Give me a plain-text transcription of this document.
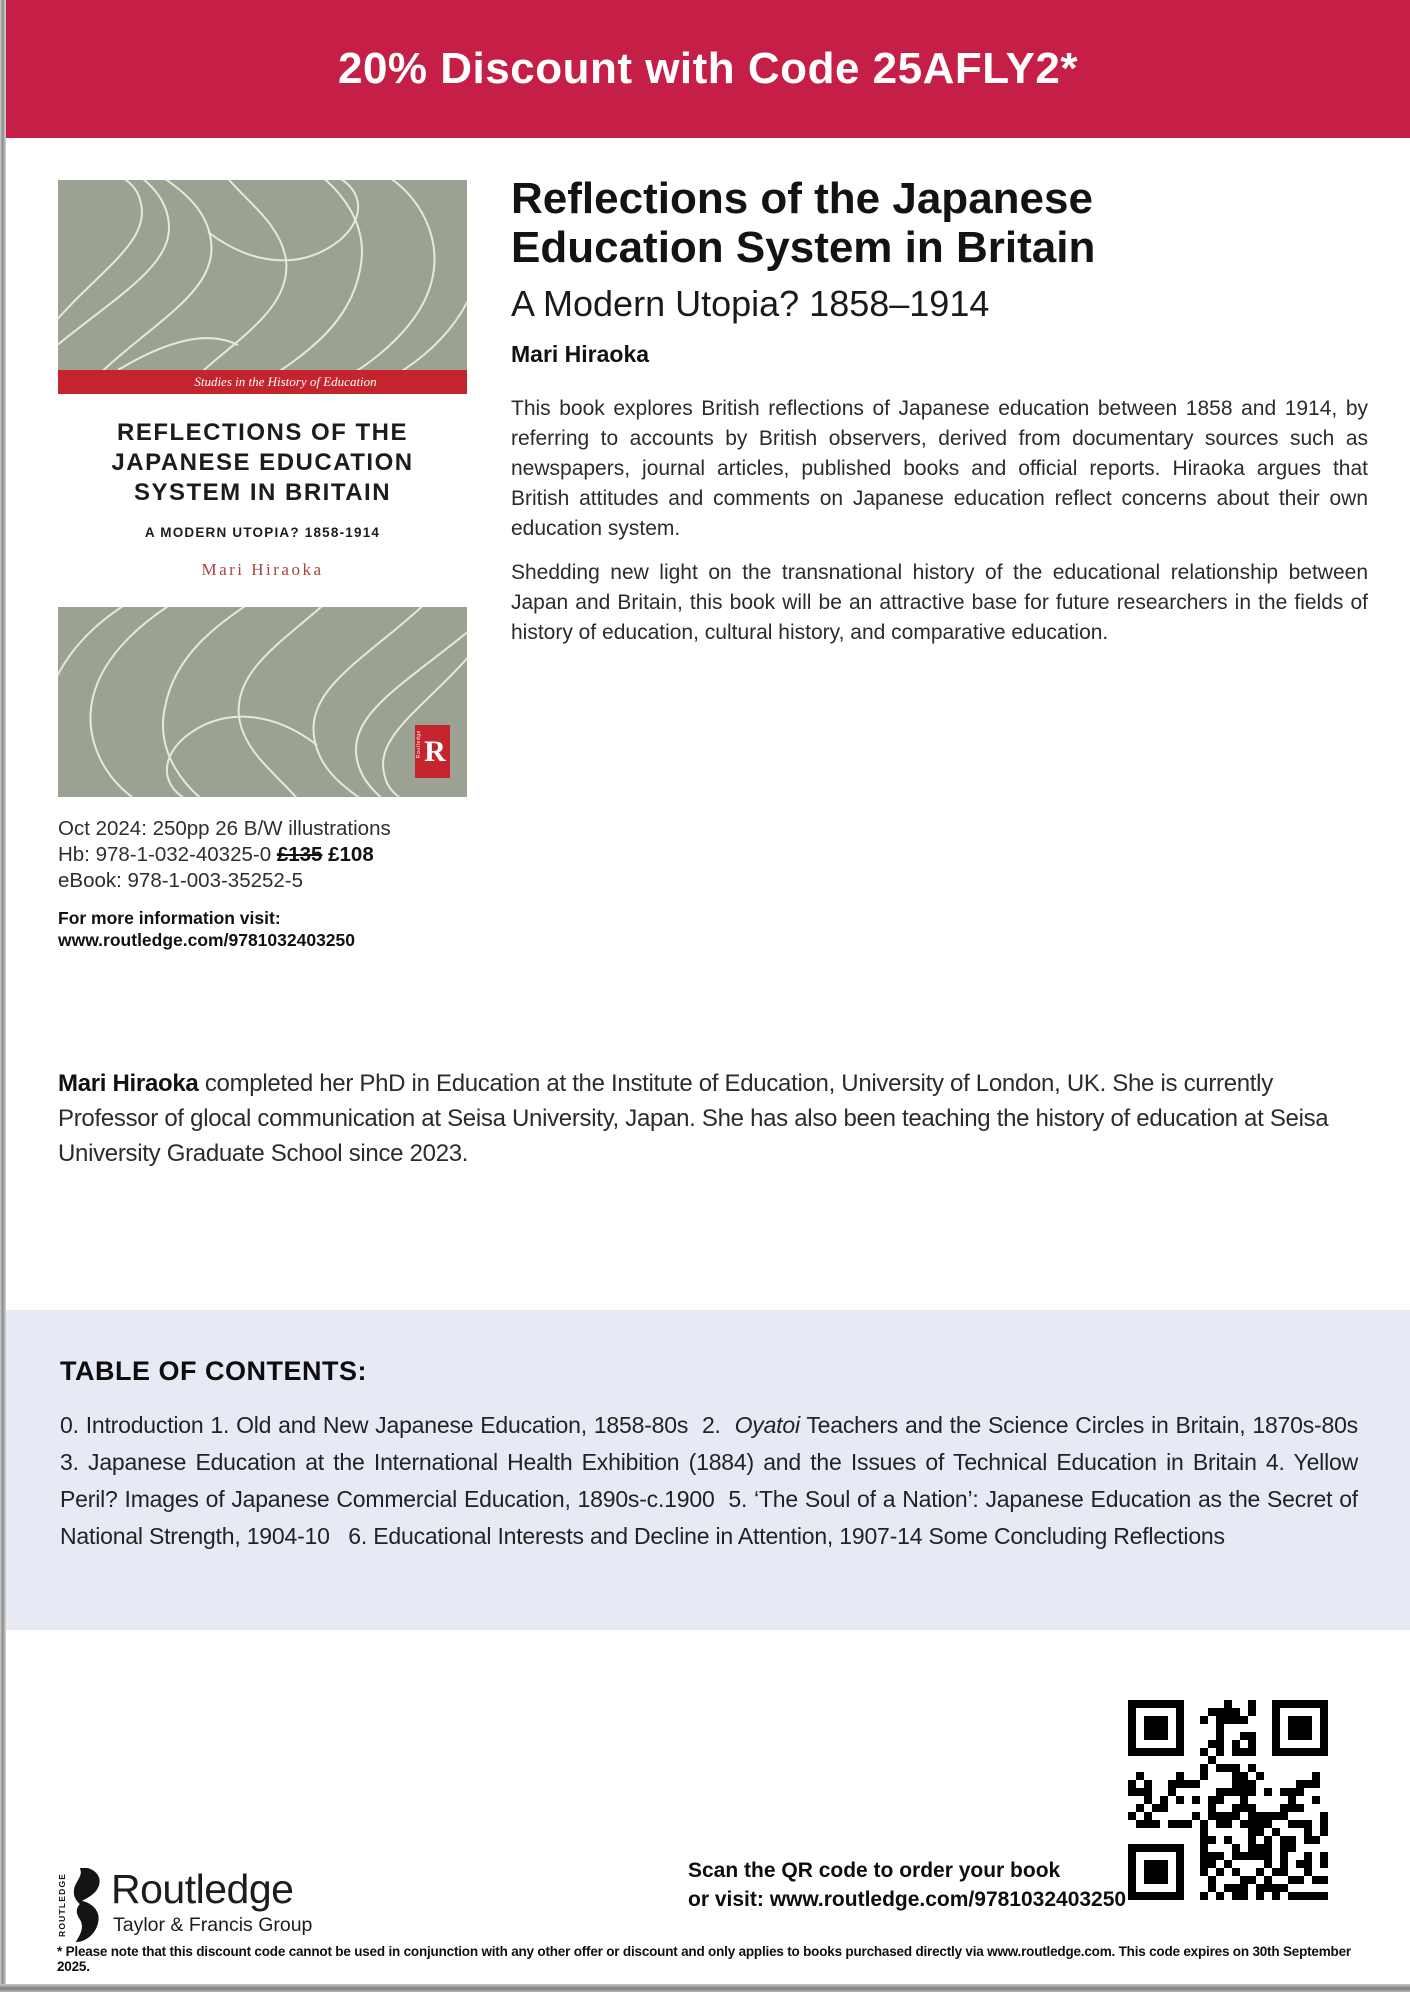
20% Discount with Code 25AFLY2*
Studies in the History of Education
REFLECTIONS OF THE
JAPANESE EDUCATION
SYSTEM IN BRITAIN
A MODERN UTOPIA? 1858-1914
Mari Hiraoka
Routledge R
Oct 2024: 250pp 26 B/W illustrations
Hb: 978-1-032-40325-0 £135 £108
eBook: 978-1-003-35252-5
For more information visit:
www.routledge.com/9781032403250
Reflections of the Japanese Education System in Britain
A Modern Utopia? 1858–1914
Mari Hiraoka

This book explores British reflections of Japanese education between 1858 and 1914, by referring to accounts by British observers, derived from documentary sources such as newspapers, journal articles, published books and official reports. Hiraoka argues that British attitudes and comments on Japanese education reflect concerns about their own education system.

Shedding new light on the transnational history of the educational relationship between Japan and Britain, this book will be an attractive base for future researchers in the fields of history of education, cultural history, and comparative education.

Mari Hiraoka completed her PhD in Education at the Institute of Education, University of London, UK. She is currently Professor of glocal communication at Seisa University, Japan. She has also been teaching the history of education at Seisa University Graduate School since 2023.
TABLE OF CONTENTS:
0. Introduction 1. Old and New Japanese Education, 1858-80s  2.  Oyatoi Teachers and the Science Circles in Britain, 1870s-80s  3. Japanese Education at the International Health Exhibition (1884) and the Issues of Technical Education in Britain 4. Yellow Peril? Images of Japanese Commercial Education, 1890s-c.1900  5. ‘The Soul of a Nation’: Japanese Education as the Secret of National Strength, 1904-10   6. Educational Interests and Decline in Attention, 1907-14 Some Concluding Reflections
Scan the QR code to order your book
or visit: www.routledge.com/9781032403250
ROUTLEDGE Routledge
Taylor & Francis Group
* Please note that this discount code cannot be used in conjunction with any other offer or discount and only applies to books purchased directly via www.routledge.com. This code expires on 30th September 2025.
